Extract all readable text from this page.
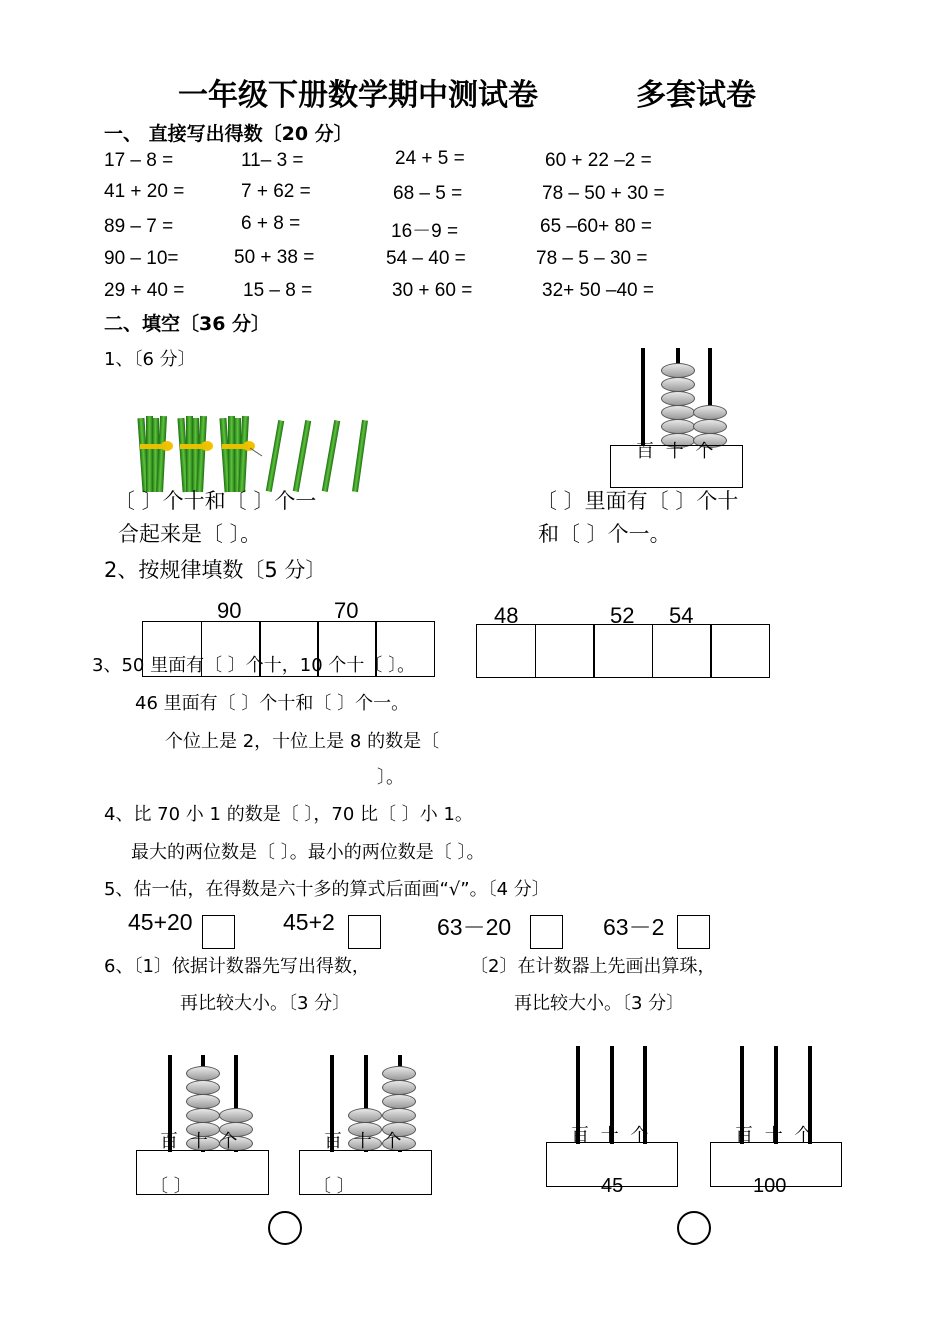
一年级下册数学期中测试卷	多套试卷
一、 直接写出得数〔20 分〕
17 – 8 =	11– 3 =	24 + 5 =	60 + 22 –2 =
41 + 20 =	7 + 62 =	68 – 5 =	78 – 50 + 30 =
89 – 7 =	6 + 8 =	16－9 =	65 –60+ 80 =
90 – 10=	50 + 38 =	54 – 40 =	78 – 5 – 30 =
29 + 40 =	15 – 8 =	30 + 60 =	32+ 50 –40 =
二、填空〔36 分〕
1、〔6 分〕
百 十 个
〔 〕个十和〔 〕个一
合起来是〔 〕。
〔 〕里面有〔 〕个十
和〔 〕个一。
2、按规律填数〔5 分〕
90	70	48	52 54
3、50 里面有〔 〕个十，10 个十〔 〕。
46 里面有〔 〕个十和〔 〕个一。
个位上是 2，十位上是 8 的数是〔
〕。
4、比 70 小 1 的数是〔 〕，70 比〔 〕小 1。
最大的两位数是〔 〕。最小的两位数是〔 〕。
5、估一估，在得数是六十多的算式后面画“√”。〔4 分〕
45+20	45+2	63－20	63－2
6、〔1〕依据计数器先写出得数，	〔2〕在计数器上先画出算珠，
再比较大小。〔3 分〕	再比较大小。〔3 分〕
百 十 个
〔 〕
百 十 个
〔 〕
百 十 个
45
百 十 个
100
